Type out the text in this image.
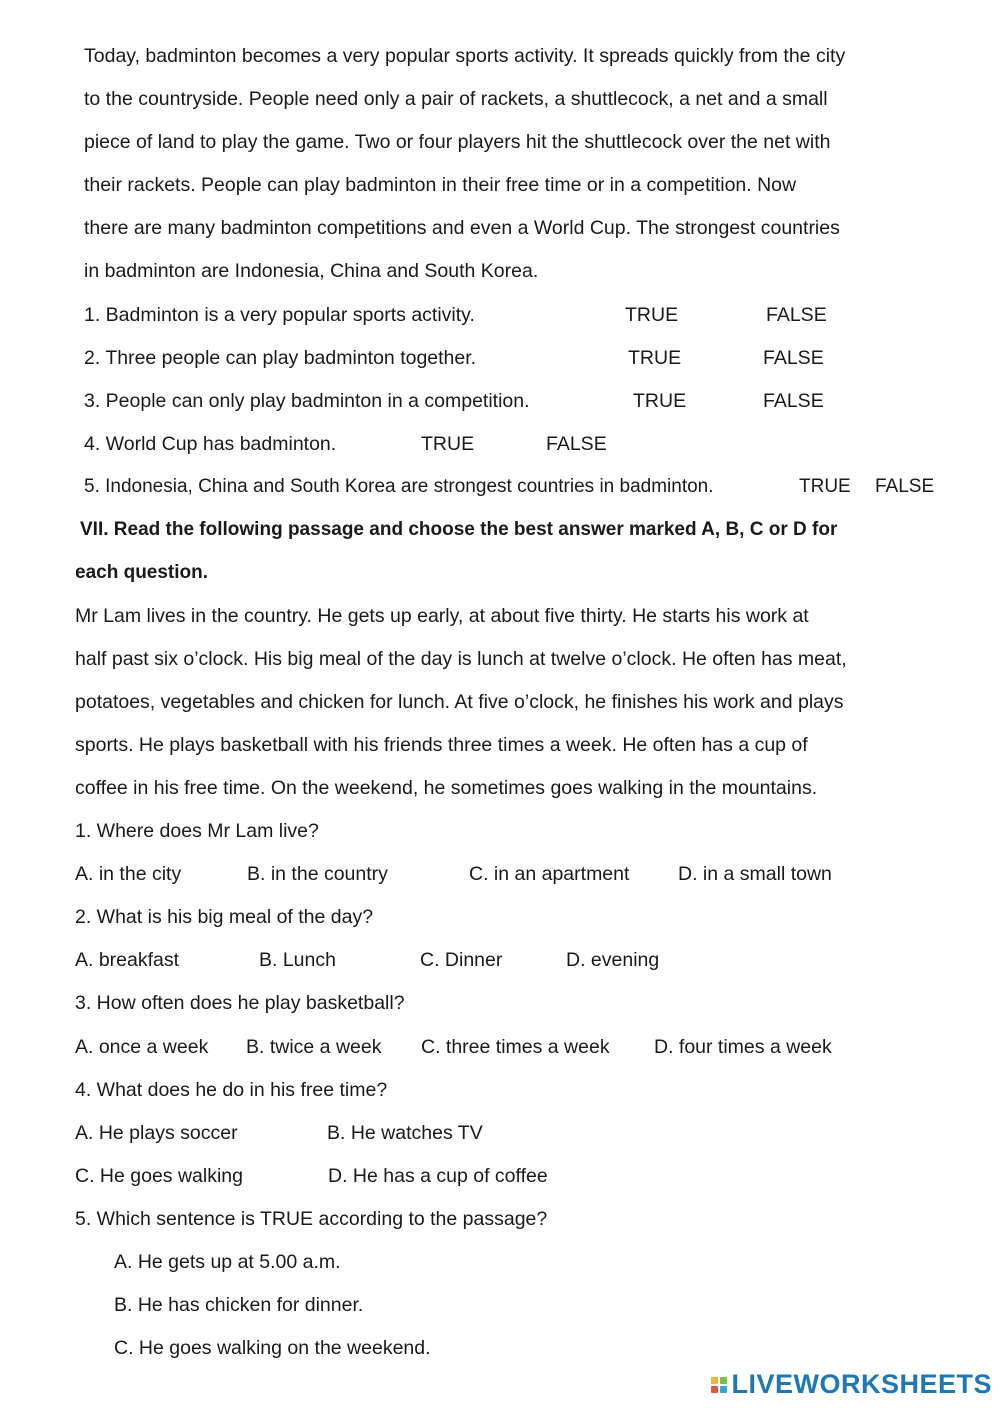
Today, badminton becomes a very popular sports activity. It spreads quickly from the city
to the countryside. People need only a pair of rackets, a shuttlecock, a net and a small
piece of land to play the game. Two or four players hit the shuttlecock over the net with
their rackets. People can play badminton in their free time or in a competition. Now
there are many badminton competitions and even a World Cup. The strongest countries
in badminton are Indonesia, China and South Korea.
1. Badminton is a very popular sports activity.	TRUE	FALSE
2. Three people can play badminton together.	TRUE	FALSE
3. People can only play badminton in a competition.	TRUE	FALSE
4. World Cup has badminton.	TRUE	FALSE
5. Indonesia, China and South Korea are strongest countries in badminton.	TRUE FALSE
VII. Read the following passage and choose the best answer marked A, B, C or D for
each question.
Mr Lam lives in the country. He gets up early, at about five thirty. He starts his work at
half past six o’clock. His big meal of the day is lunch at twelve o’clock. He often has meat,
potatoes, vegetables and chicken for lunch. At five o’clock, he finishes his work and plays
sports. He plays basketball with his friends three times a week. He often has a cup of
coffee in his free time. On the weekend, he sometimes goes walking in the mountains.
1. Where does Mr Lam live?
A. in the city	B. in the country	C. in an apartment D. in a small town
2. What is his big meal of the day?
A. breakfast	B. Lunch	C. Dinner	D. evening
3. How often does he play basketball?
A. once a week B. twice a week C. three times a week D. four times a week
4. What does he do in his free time?
A. He plays soccer	B. He watches TV
C. He goes walking	D. He has a cup of coffee
5. Which sentence is TRUE according to the passage?
A. He gets up at 5.00 a.m.
B. He has chicken for dinner.
C. He goes walking on the weekend.
LIVEWORKSHEETS
